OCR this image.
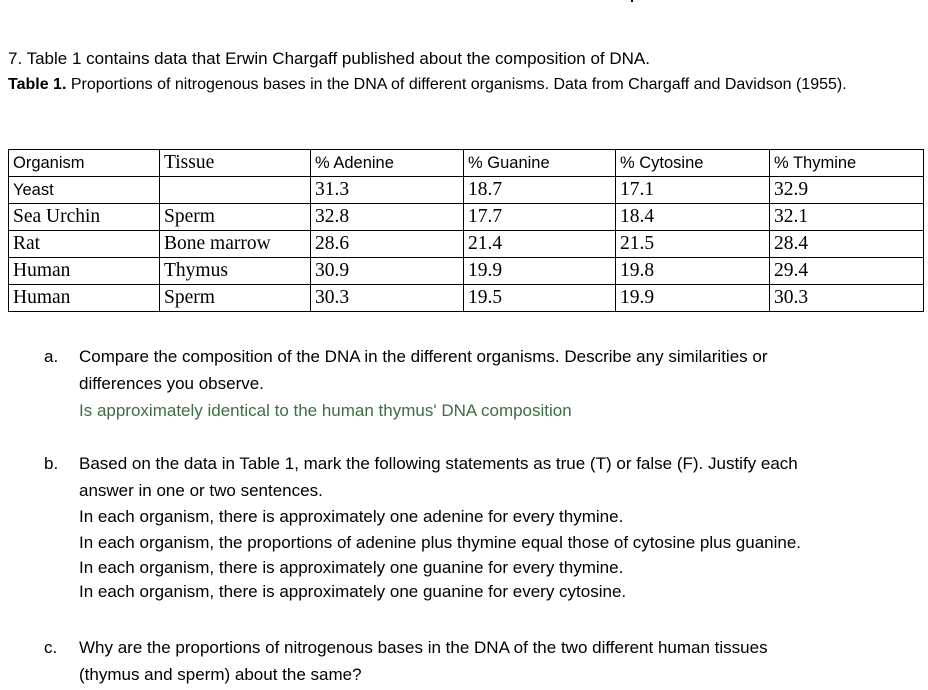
7. Table 1 contains data that Erwin Chargaff published about the composition of DNA.
Table 1. Proportions of nitrogenous bases in the DNA of different organisms. Data from Chargaff and Davidson (1955).
Organism	Tissue	% Adenine	% Guanine	% Cytosine	% Thymine
Yeast		31.3	18.7	17.1	32.9
Sea Urchin	Sperm	32.8	17.7	18.4	32.1
Rat	Bone marrow	28.6	21.4	21.5	28.4
Human	Thymus	30.9	19.9	19.8	29.4
Human	Sperm	30.3	19.5	19.9	30.3
a.	Compare the composition of the DNA in the different organisms. Describe any similarities or
differences you observe.
Is approximately identical to the human thymus' DNA composition
b.	Based on the data in Table 1, mark the following statements as true (T) or false (F). Justify each
answer in one or two sentences.
In each organism, there is approximately one adenine for every thymine.
In each organism, the proportions of adenine plus thymine equal those of cytosine plus guanine.
In each organism, there is approximately one guanine for every thymine.
In each organism, there is approximately one guanine for every cytosine.
c.	Why are the proportions of nitrogenous bases in the DNA of the two different human tissues
(thymus and sperm) about the same?
